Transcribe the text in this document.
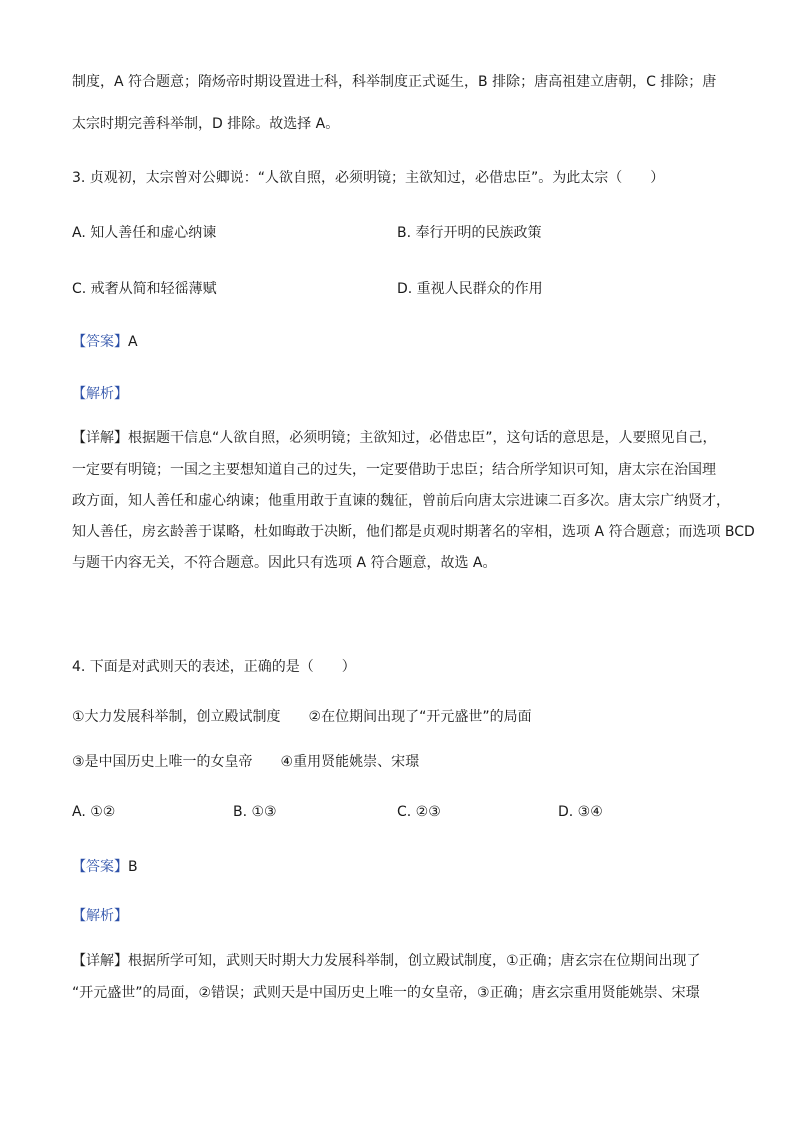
制度，A 符合题意；隋炀帝时期设置进士科，科举制度正式诞生，B 排除；唐高祖建立唐朝，C 排除；唐
太宗时期完善科举制，D 排除。故选择 A。
3. 贞观初，太宗曾对公卿说：“人欲自照，必须明镜；主欲知过，必借忠臣”。为此太宗（　　）
A. 知人善任和虚心纳谏	B. 奉行开明的民族政策
C. 戒奢从简和轻徭薄赋	D. 重视人民群众的作用
【答案】A
【解析】
【详解】根据题干信息“人欲自照，必须明镜；主欲知过，必借忠臣”，这句话的意思是，人要照见自己，
一定要有明镜；一国之主要想知道自己的过失，一定要借助于忠臣；结合所学知识可知，唐太宗在治国理
政方面，知人善任和虚心纳谏；他重用敢于直谏的魏征，曾前后向唐太宗进谏二百多次。唐太宗广纳贤才，
知人善任，房玄龄善于谋略，杜如晦敢于决断，他们都是贞观时期著名的宰相，选项 A 符合题意；而选项 BCD
与题干内容无关，不符合题意。因此只有选项 A 符合题意，故选 A。
4. 下面是对武则天的表述，正确的是（　　）
①大力发展科举制，创立殿试制度　　②在位期间出现了“开元盛世”的局面
③是中国历史上唯一的女皇帝　　④重用贤能姚崇、宋璟
A. ①②	B. ①③	C. ②③	D. ③④
【答案】B
【解析】
【详解】根据所学可知，武则天时期大力发展科举制，创立殿试制度，①正确；唐玄宗在位期间出现了
“开元盛世”的局面，②错误；武则天是中国历史上唯一的女皇帝，③正确；唐玄宗重用贤能姚崇、宋璟
